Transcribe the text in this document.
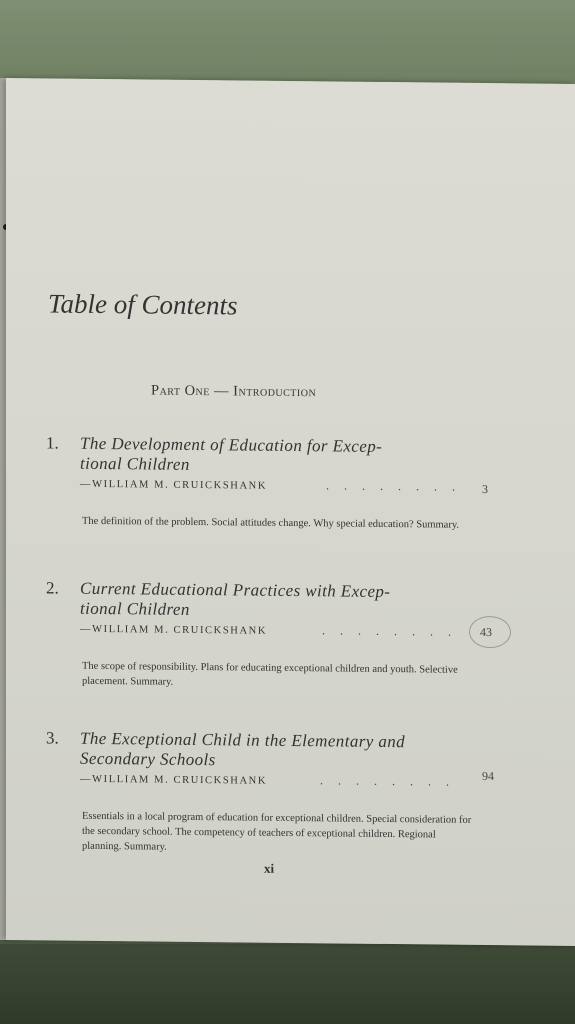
Table of Contents
Part One — Introduction
1. The Development of Education for Excep-
tional Children
—WILLIAM M. CRUICKSHANK	. . . . . . . . 3
The definition of the problem. Social attitudes change. Why special education? Summary.
2. Current Educational Practices with Excep-
tional Children
—WILLIAM M. CRUICKSHANK	. . . . . . . . 43
The scope of responsibility. Plans for educating exceptional children and youth. Selective placement. Summary.
3. The Exceptional Child in the Elementary and
Secondary Schools
—WILLIAM M. CRUICKSHANK	. . . . . . . . 94
Essentials in a local program of education for exceptional children. Special consideration for the secondary school. The competency of teachers of exceptional children. Regional planning. Summary.
xi
